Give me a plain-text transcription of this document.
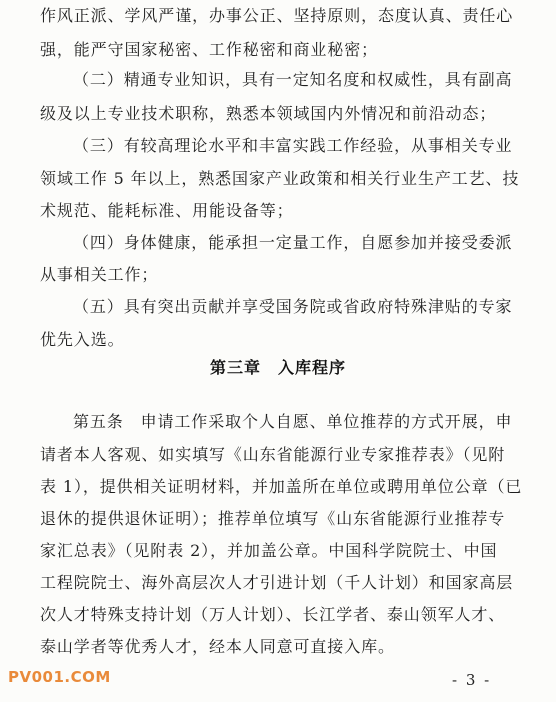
作风正派、学风严谨，办事公正、坚持原则，态度认真、责任心
强，能严守国家秘密、工作秘密和商业秘密；
（二）精通专业知识，具有一定知名度和权威性，具有副高
级及以上专业技术职称，熟悉本领域国内外情况和前沿动态；
（三）有较高理论水平和丰富实践工作经验，从事相关专业
领域工作 5 年以上，熟悉国家产业政策和相关行业生产工艺、技
术规范、能耗标准、用能设备等；
（四）身体健康，能承担一定量工作，自愿参加并接受委派
从事相关工作；
（五）具有突出贡献并享受国务院或省政府特殊津贴的专家
优先入选。
第三章　入库程序
第五条　申请工作采取个人自愿、单位推荐的方式开展，申
请者本人客观、如实填写《山东省能源行业专家推荐表》（见附
表 1），提供相关证明材料，并加盖所在单位或聘用单位公章（已
退休的提供退休证明）；推荐单位填写《山东省能源行业推荐专
家汇总表》（见附表 2），并加盖公章。中国科学院院士、中国
工程院院士、海外高层次人才引进计划（千人计划）和国家高层
次人才特殊支持计划（万人计划）、长江学者、泰山领军人才、
泰山学者等优秀人才，经本人同意可直接入库。
PV001.COM	- 3 -
